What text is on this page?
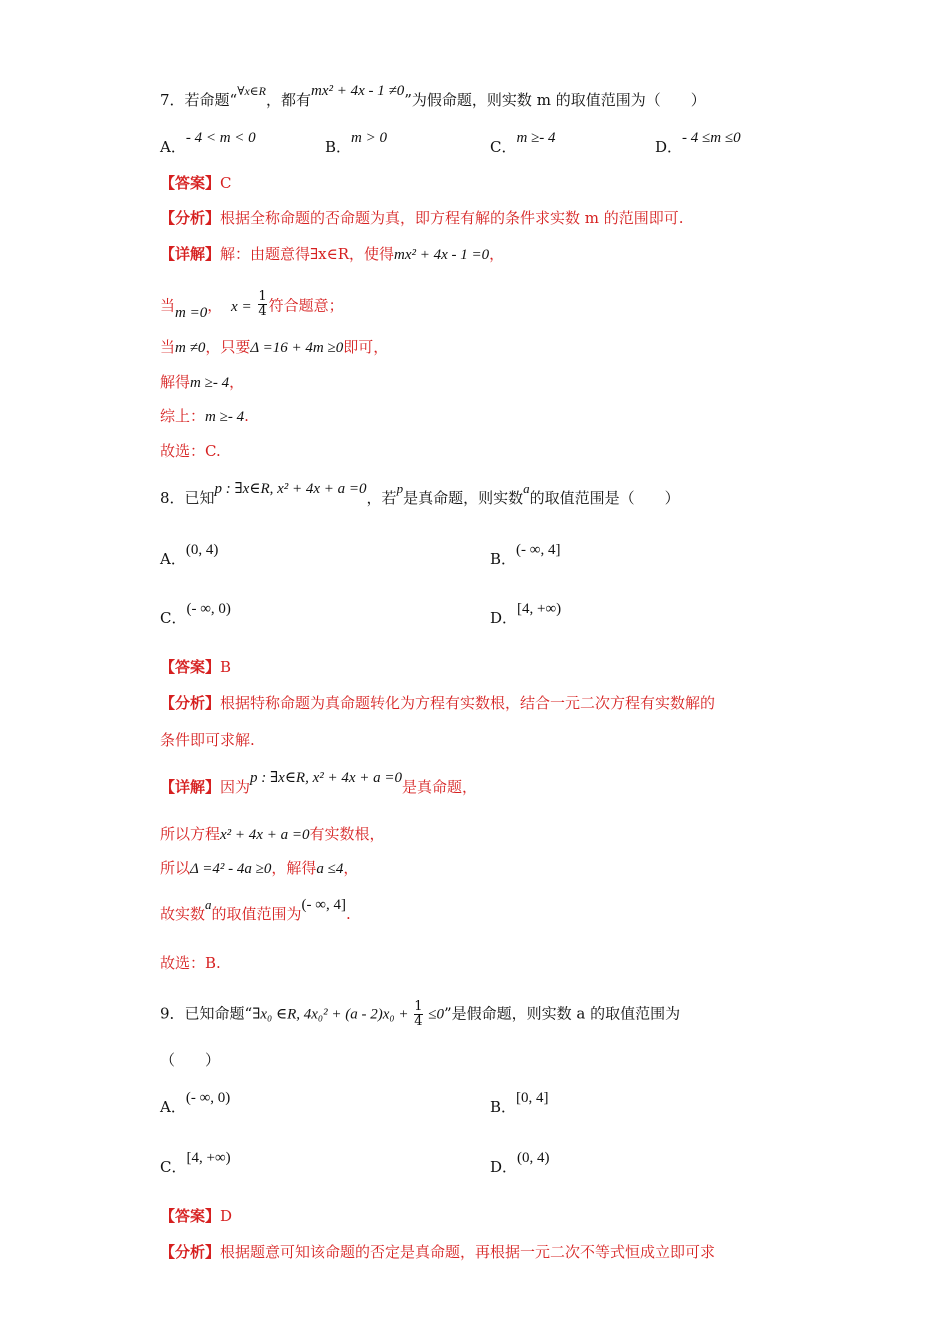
7．若命题“$^{\forall x\in R}$，都有mx² + 4x - 1 ≠0”为假命题，则实数 m 的取值范围为（　　）
A．- 4 < m < 0	B．m > 0	C．m ≥- 4	D．- 4 ≤m ≤0
【答案】C
【分析】根据全称命题的否命题为真，即方程有解的条件求实数 m 的范围即可.
【详解】解：由题意得∃x∈R，使得mx² + 4x - 1 =0，
当m =0， $x = \frac{1}{4}$ 符合题意；
当m ≠0，只要Δ =16 + 4m ≥0即可，
解得m ≥- 4，
综上：m ≥- 4.
故选：C.
8．已知p : ∃x∈R, x² + 4x + a =0，若p是真命题，则实数a的取值范围是（　　）
A．(0, 4)	B．(- ∞, 4]
C．(- ∞, 0)	D．[4, +∞)
【答案】B
【分析】根据特称命题为真命题转化为方程有实数根，结合一元二次方程有实数解的
条件即可求解.
【详解】因为p : ∃x∈R, x² + 4x + a =0是真命题，
所以方程x² + 4x + a =0有实数根，
所以Δ =4² - 4a ≥0，解得a ≤4，
故实数a的取值范围为(- ∞, 4].
故选：B.
9．已知命题“∃x₀ ∈R, $4x_0^2 + (a - 2)x_0 + \frac{1}{4} \le 0$”是假命题，则实数 a 的取值范围为
（　　）
A．(- ∞, 0)	B．[0, 4]
C．[4, +∞)	D．(0, 4)
【答案】D
【分析】根据题意可知该命题的否定是真命题，再根据一元二次不等式恒成立即可求
